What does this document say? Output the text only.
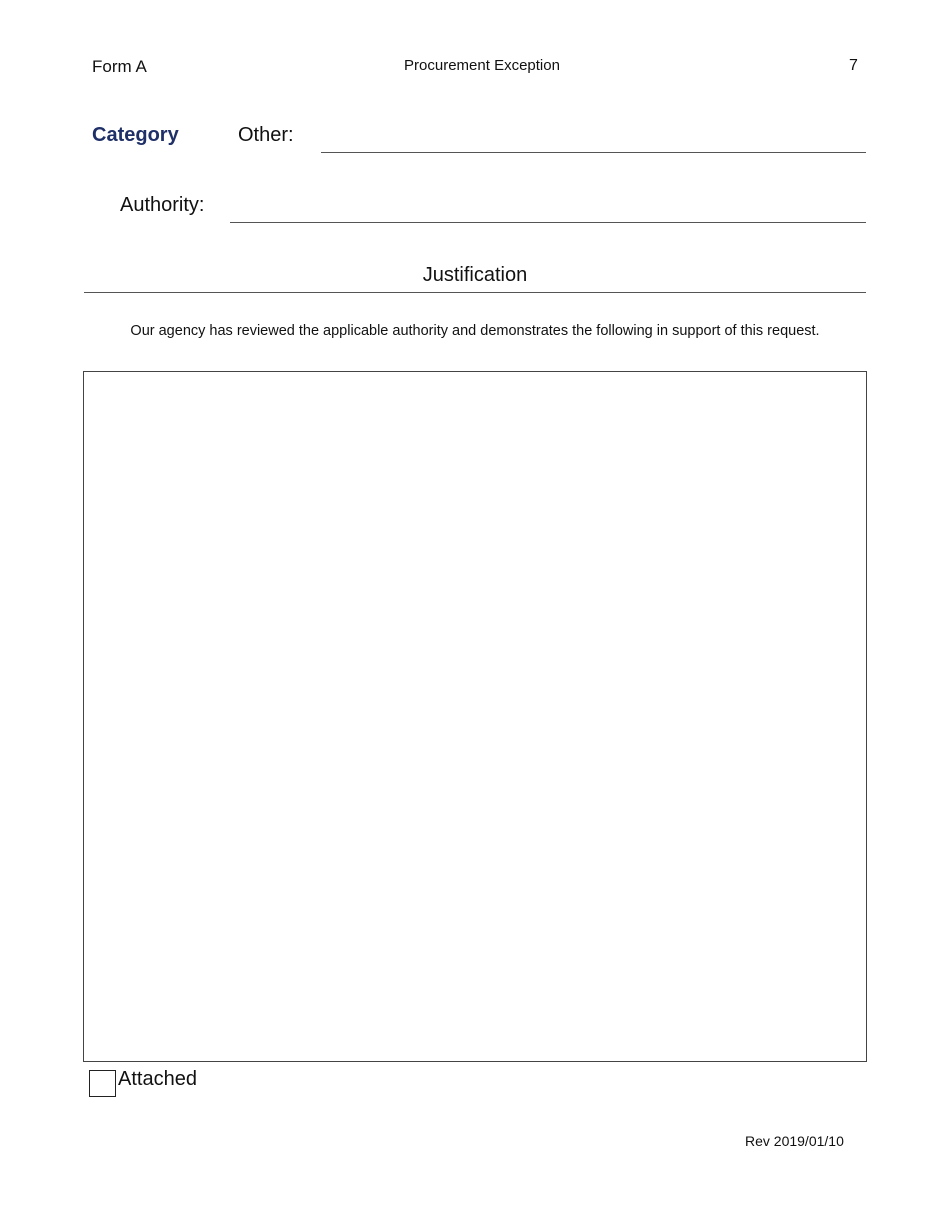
Form A	Procurement Exception	7
Category	Other:
Authority:
Justification
Our agency has reviewed the applicable authority and demonstrates the following in support of this request.
Attached
Rev 2019/01/10
